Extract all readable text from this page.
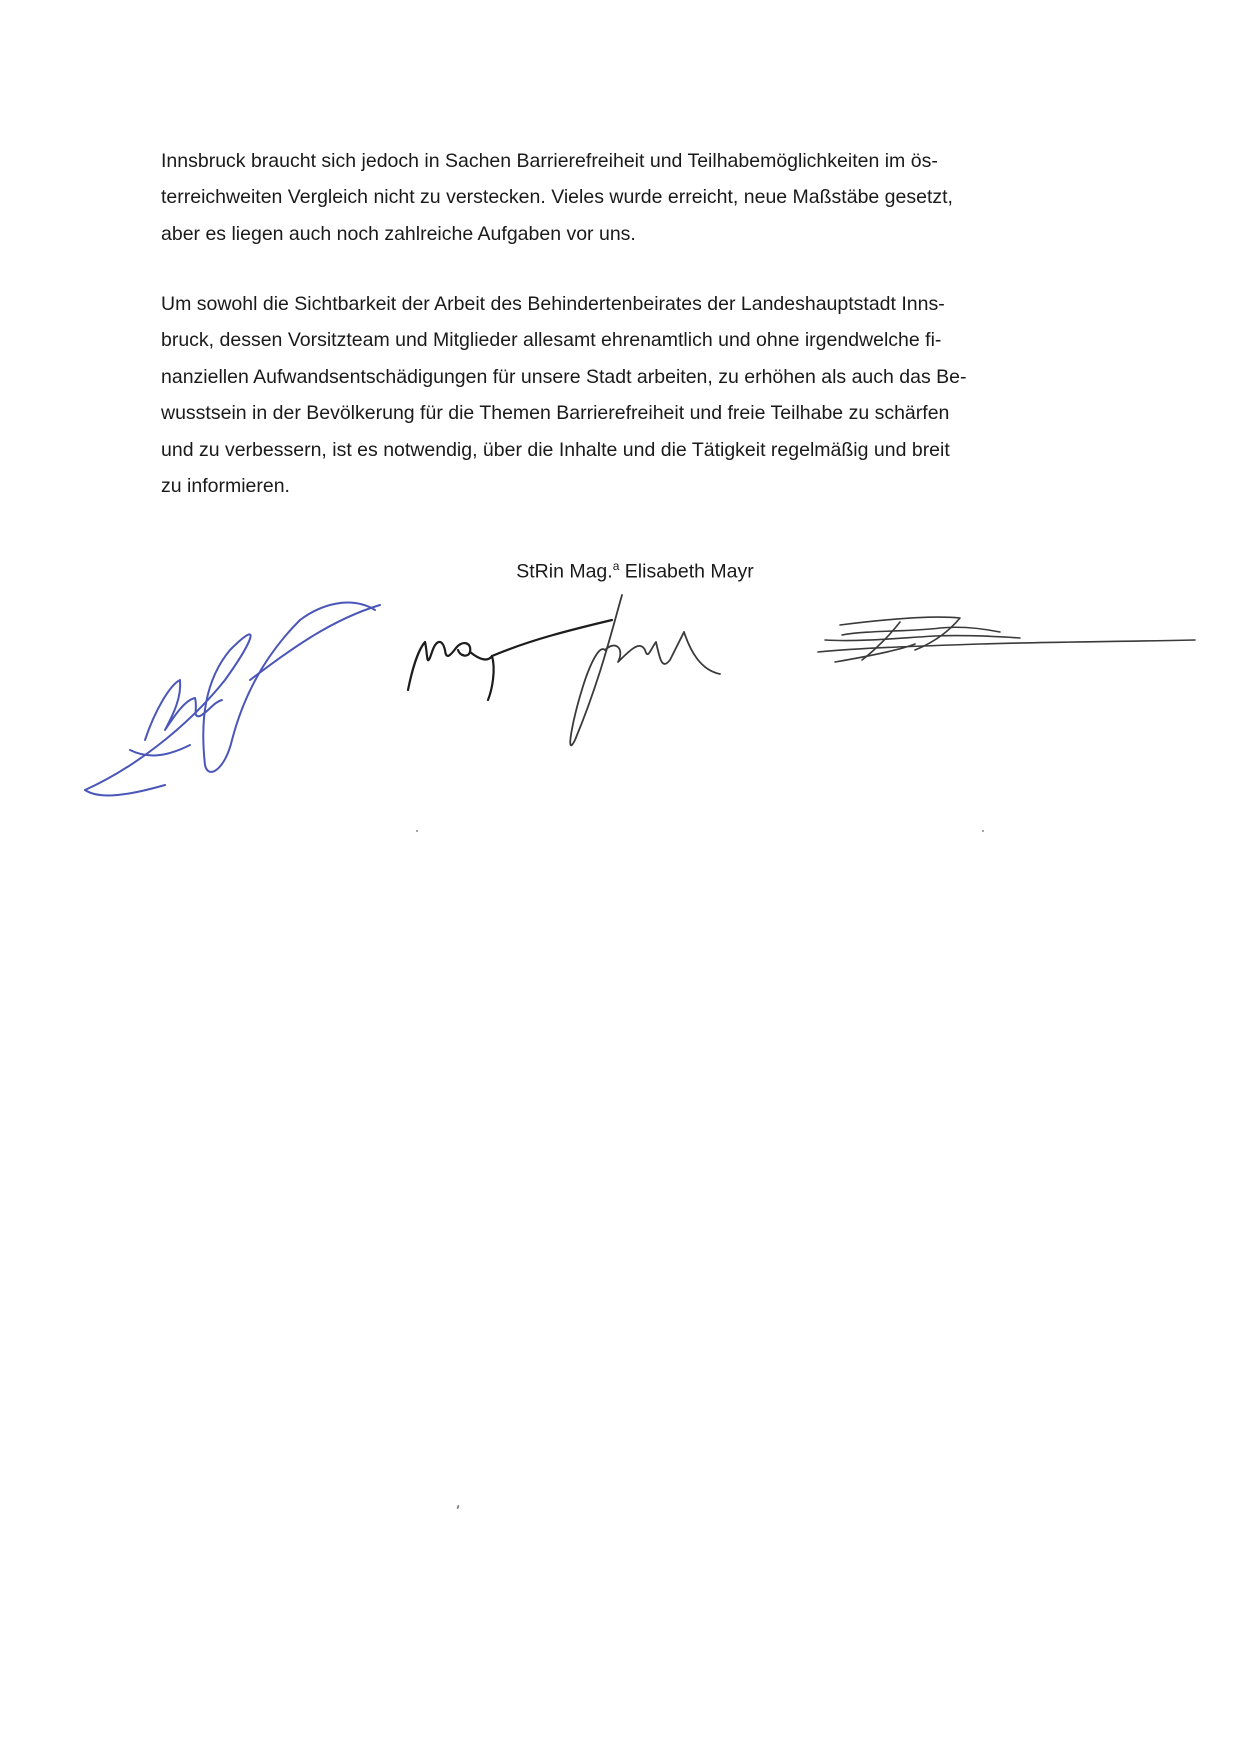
Innsbruck braucht sich jedoch in Sachen Barrierefreiheit und Teilhabemöglichkeiten im ös-
terreichweiten Vergleich nicht zu verstecken. Vieles wurde erreicht, neue Maßstäbe gesetzt,
aber es liegen auch noch zahlreiche Aufgaben vor uns.

Um sowohl die Sichtbarkeit der Arbeit des Behindertenbeirates der Landeshauptstadt Inns-
bruck, dessen Vorsitzteam und Mitglieder allesamt ehrenamtlich und ohne irgendwelche fi-
nanziellen Aufwandsentschädigungen für unsere Stadt arbeiten, zu erhöhen als auch das Be-
wusstsein in der Bevölkerung für die Themen Barrierefreiheit und freie Teilhabe zu schärfen
und zu verbessern, ist es notwendig, über die Inhalte und die Tätigkeit regelmäßig und breit
zu informieren.

StRin Mag.$^a$ Elisabeth Mayr
